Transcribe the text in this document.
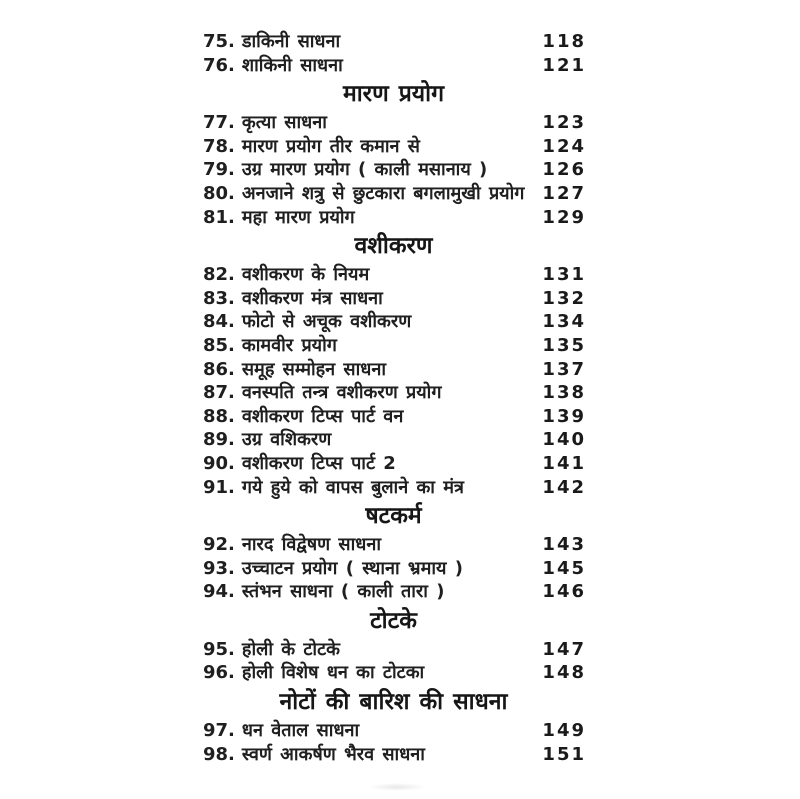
75. डाकिनी साधना	118
76. शाकिनी साधना	121
मारण प्रयोग
77. कृत्या साधना	123
78. मारण प्रयोग तीर कमान से	124
79. उग्र मारण प्रयोग ( काली मसानाय )	126
80. अनजाने शत्रु से छुटकारा बगलामुखी प्रयोग 127
81. महा मारण प्रयोग	129
वशीकरण
82. वशीकरण के नियम	131
83. वशीकरण मंत्र साधना	132
84. फोटो से अचूक वशीकरण	134
85. कामवीर प्रयोग	135
86. समूह सम्मोहन साधना	137
87. वनस्पति तन्त्र वशीकरण प्रयोग	138
88. वशीकरण टिप्स पार्ट वन	139
89. उग्र वशिकरण	140
90. वशीकरण टिप्स पार्ट 2	141
91. गये हुये को वापस बुलाने का मंत्र	142
षटकर्म
92. नारद विद्वेषण साधना	143
93. उच्चाटन प्रयोग ( स्थाना भ्रमाय )	145
94. स्तंभन साधना ( काली तारा )	146
टोटके
95. होली के टोटके	147
96. होली विशेष धन का टोटका	148
नोटों की बारिश की साधना
97. धन वेताल साधना	149
98. स्वर्ण आकर्षण भैरव साधना	151
